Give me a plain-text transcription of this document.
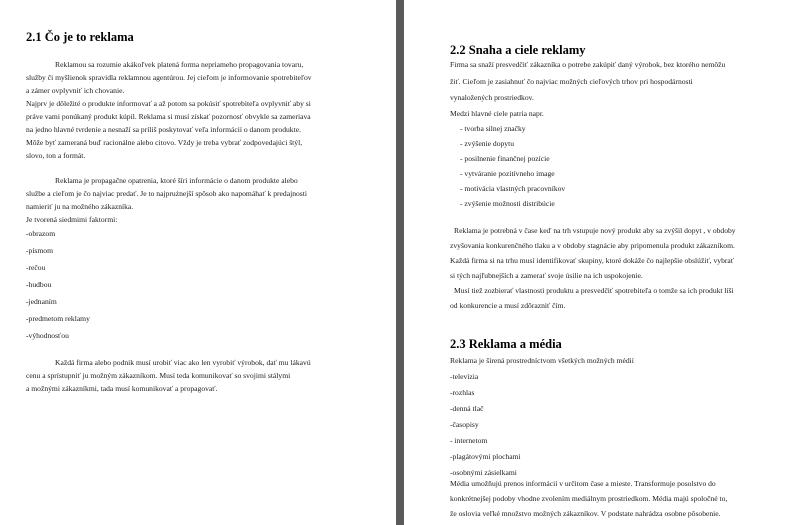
2.1 Čo je to reklama
Reklamou sa rozumie akákoľvek platená forma nepriameho propagovania tovaru,
služby či myšlienok spravidla reklamnou agentúrou. Jej cieľom je informovanie spotrebiteľov
a zámer ovplyvniť ich chovanie.
Najprv je dôležité o produkte informovať a až potom sa pokúsiť spotrebiteľa ovplyvniť aby si
práve vami ponúkaný produkt kúpil. Reklama si musí získať pozornosť obvykle sa zameriava
na jedno hlavné tvrdenie a nesnaží sa príliš poskytovať veľa informácií o danom produkte.
Môže byť zameraná buď racionálne alebo citovo. Vždy je treba vybrať zodpovedajúci štýl,
slovo, ton a formát.
Reklama je propagačne opatrenia, ktoré šíri informácie o danom produkte alebo
službe a cieľom je čo najviac predať. Je to najprużnejší spôsob ako napomáhať k predajnosti
namieriť ju na možného zákazníka.
Je tvorená siedmimi faktormi:
-obrazom
-písmom
-rečou
-hudbou
-jednaním
-predmetom reklamy
-výhodnosťou
Každá firma alebo podnik musí urobiť viac ako len vyrobiť výrobok, dať mu lákavú
cenu a sprístupniť ju možným zákazníkom. Musí teda komunikovať so svojimi stálymi
a možnými zákazníkmi, tada musí komunikovať a propagovať.
2.2 Snaha a ciele reklamy
Firma sa snaží presvedčiť zákazníka o potrebe zakúpiť daný výrobok, bez ktorého nemôžu
žiť. Cieľom je zasiahnuť čo najviac možných cieľových trhov pri hospodárnosti
vynaložených prostriedkov.
Medzi hlavné ciele patria napr.
- tvorba silnej značky
- zvýšenie dopytu
- posilnenie finančnej pozície
- vytváranie pozitívneho image
- motivácia vlastných pracovníkov
- zvýšenie možnosti distribúcie
Reklama je potrebná v čase keď na trh vstupuje nový produkt aby sa zvýšil dopyt , v obdoby
zvyšovania konkurenčného tlaku a v obdoby stagnácie aby pripomenula produkt zákazníkom.
Každá firma si na trhu musí identifikovať skupiny, ktoré dokáže čo najlepšie obslúžiť, vybrať
si tých najľubnejších a zamerať svoje úsilie na ich uspokojenie.
Musí tiež zozbierať vlastnosti produktu a presvedčiť spotrebiteľa o tomže sa ich produkt líši
od konkurencie a musí zdôrazniť čím.
2.3 Reklama a média
Reklama je šírená prostredníctvom všetkých možných médií
-televízia
-rozhlas
-denná tlač
-časopisy
- internetom
-plagátovými plochami
-osobnými zásielkami
Média umožňujú prenos informácií v určitom čase a mieste. Transformuje posolstvo do
konkrétnejšej podoby vhodne zvolením mediálnym prostriedkom. Média majú spoločné to,
že oslovia veľké množstvo možných zákazníkov. V podstate nahrádza osobne pôsobenie.
